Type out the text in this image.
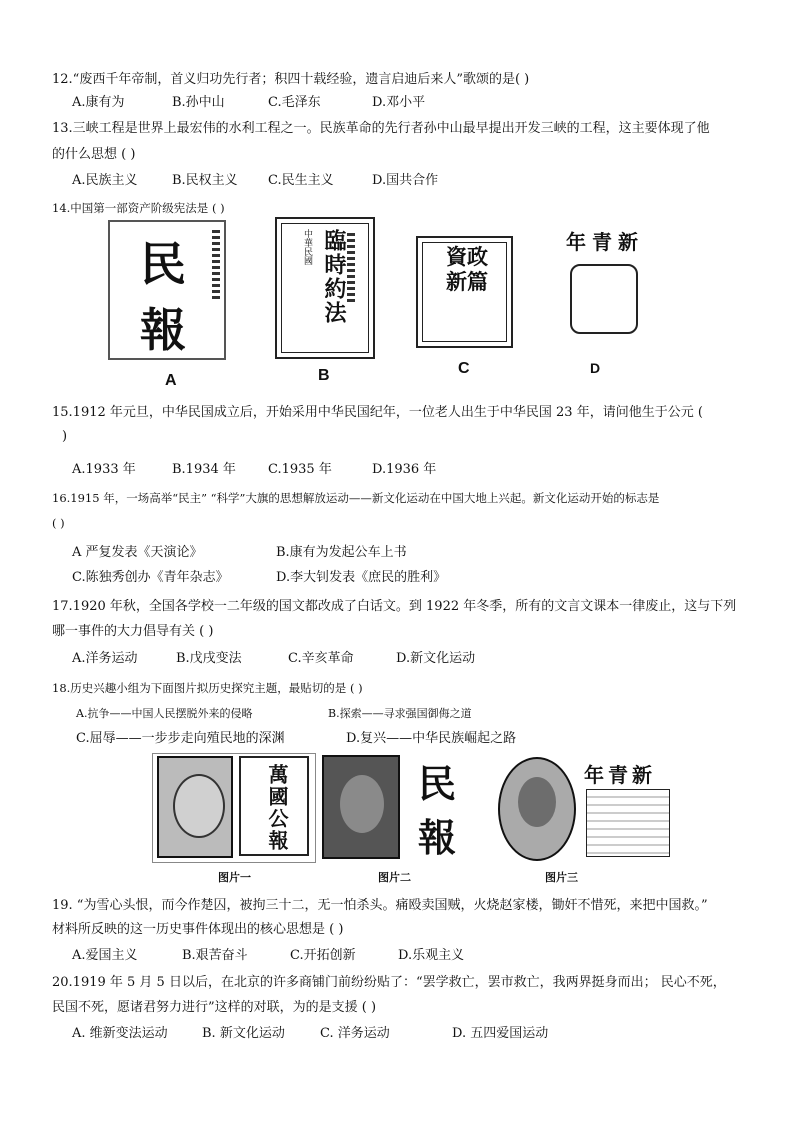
12.“废西千年帝制，首义归功先行者；积四十载经验，遗言启迪后来人”歌颂的是( )
A.康有为	B.孙中山	C.毛泽东	D.邓小平
13.三峡工程是世界上最宏伟的水利工程之一。民族革命的先行者孙中山最早提出开发三峡的工程，这主要体现了他
的什么思想 ( )
A.民族主义	B.民权主义 C.民生主义	D.国共合作
14.中国第一部资产阶级宪法是 ( )
民
報
A
臨時約法
中華民國
B
資政新篇
C
年青新
D
15.1912 年元旦，中华民国成立后，开始采用中华民国纪年，一位老人出生于中华民国 23 年，请问他生于公元 (
)
A.1933 年	B.1934 年 C.1935 年	D.1936 年
16.1915 年，一场高举“民主” “科学”大旗的思想解放运动——新文化运动在中国大地上兴起。新文化运动开始的标志是
( )
A 严复发表《天演论》	B.康有为发起公车上书
C.陈独秀创办《青年杂志》	D.李大钊发表《庶民的胜利》
17.1920 年秋，全国各学校一二年级的国文都改成了白话文。到 1922 年冬季，所有的文言文课本一律废止，这与下列
哪一事件的大力倡导有关 ( )
A.洋务运动	B.戊戌变法	C.辛亥革命	D.新文化运动
18.历史兴趣小组为下面图片拟历史探究主题，最贴切的是 ( )
A.抗争——中国人民摆脱外来的侵略	B.探索——寻求强国御侮之道
C.屈辱——一步步走向殖民地的深渊	D.复兴——中华民族崛起之路
萬國公報
图片一
民
報
图片二
年青新
图片三
19. “为雪心头恨，而今作楚囚，被拘三十二，无一怕杀头。痛殴卖国贼，火烧赵家楼，锄奸不惜死，来把中国救。”
材料所反映的这一历史事件体现出的核心思想是 ( )
A.爱国主义	B.艰苦奋斗	C.开拓创新	D.乐观主义
20.1919 年 5 月 5 日以后，在北京的许多商铺门前纷纷贴了：“罢学救亡，罢市救亡，我两界挺身而出； 民心不死，
民国不死，愿诸君努力进行”这样的对联，为的是支援 ( )
A. 维新变法运动	B. 新文化运动	C. 洋务运动	D. 五四爱国运动
